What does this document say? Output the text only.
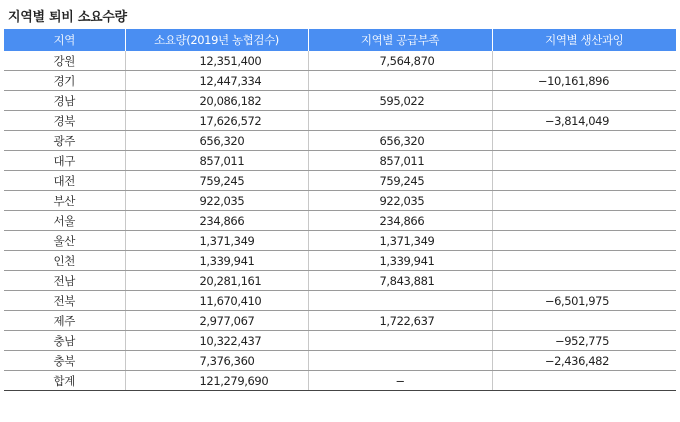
지역별 퇴비 소요수량
지역	소요량(2019년 농협검수)	지역별 공급부족	지역별 생산과잉
강원	12,351,400	7,564,870	
경기	12,447,334		−10,161,896
경남	20,086,182	595,022	
경북	17,626,572		−3,814,049
광주	656,320	656,320	
대구	857,011	857,011	
대전	759,245	759,245	
부산	922,035	922,035	
서울	234,866	234,866	
울산	1,371,349	1,371,349	
인천	1,339,941	1,339,941	
전남	20,281,161	7,843,881	
전북	11,670,410		−6,501,975
제주	2,977,067	1,722,637	
충남	10,322,437		−952,775
충북	7,376,360		−2,436,482
합계	121,279,690	−	
